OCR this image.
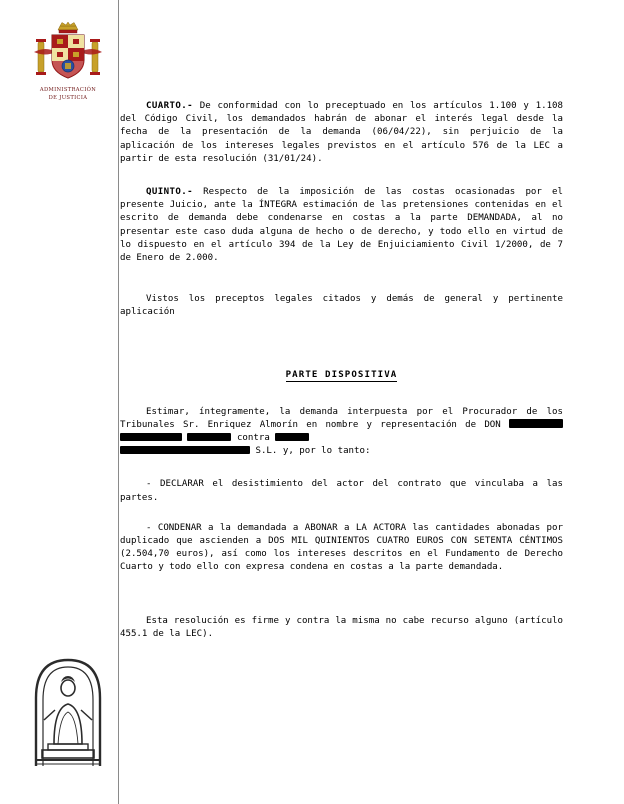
ADMINISTRACIÓN
DE JUSTICIA

CUARTO.- De conformidad con lo preceptuado en los artículos 1.100 y 1.108 del Código Civil, los demandados habrán de abonar el interés legal desde la fecha de la presentación de la demanda (06/04/22), sin perjuicio de la aplicación de los intereses legales previstos en el artículo 576 de la LEC a partir de esta resolución (31/01/24).

QUINTO.- Respecto de la imposición de las costas ocasionadas por el presente Juicio, ante la ÍNTEGRA estimación de las pretensiones contenidas en el escrito de demanda debe condenarse en costas a la parte DEMANDADA, al no presentar este caso duda alguna de hecho o de derecho, y todo ello en virtud de lo dispuesto en el artículo 394 de la Ley de Enjuiciamiento Civil 1/2000, de 7 de Enero de 2.000.

Vistos los preceptos legales citados y demás de general y pertinente aplicación

PARTE DISPOSITIVA

Estimar, íntegramente, la demanda interpuesta por el Procurador de los Tribunales Sr. Enriquez Almorín en nombre y representación de DON    contra
S.L. y, por lo tanto:

- DECLARAR el desistimiento del actor del contrato que vinculaba a las partes.

- CONDENAR a la demandada a ABONAR a LA ACTORA las cantidades abonadas por duplicado que ascienden a DOS MIL QUINIENTOS CUATRO EUROS CON SETENTA CÉNTIMOS (2.504,70 euros), así como los intereses descritos en el Fundamento de Derecho Cuarto y todo ello con expresa condena en costas a la parte demandada.

Esta resolución es firme y contra la misma no cabe recurso alguno (artículo 455.1 de la LEC).
